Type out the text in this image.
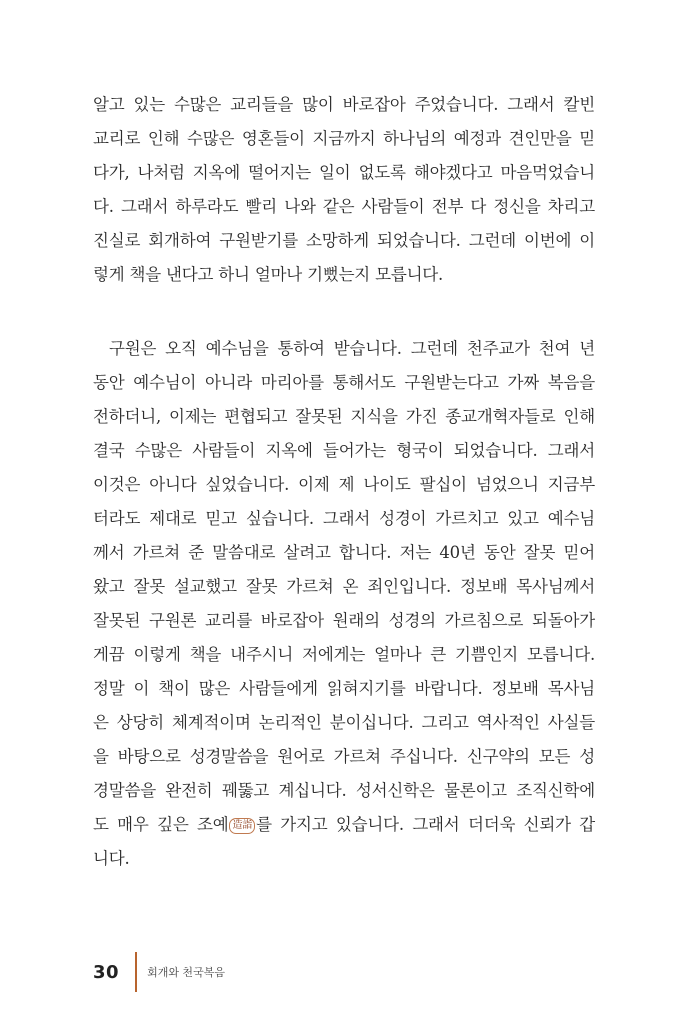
알고 있는 수많은 교리들을 많이 바로잡아 주었습니다. 그래서 칼빈
교리로 인해 수많은 영혼들이 지금까지 하나님의 예정과 견인만을 믿
다가, 나처럼 지옥에 떨어지는 일이 없도록 해야겠다고 마음먹었습니
다. 그래서 하루라도 빨리 나와 같은 사람들이 전부 다 정신을 차리고
진실로 회개하여 구원받기를 소망하게 되었습니다. 그런데 이번에 이
렇게 책을 낸다고 하니 얼마나 기뻤는지 모릅니다.
구원은 오직 예수님을 통하여 받습니다. 그런데 천주교가 천여 년
동안 예수님이 아니라 마리아를 통해서도 구원받는다고 가짜 복음을
전하더니, 이제는 편협되고 잘못된 지식을 가진 종교개혁자들로 인해
결국 수많은 사람들이 지옥에 들어가는 형국이 되었습니다. 그래서
이것은 아니다 싶었습니다. 이제 제 나이도 팔십이 넘었으니 지금부
터라도 제대로 믿고 싶습니다. 그래서 성경이 가르치고 있고 예수님
께서 가르쳐 준 말씀대로 살려고 합니다. 저는 40년 동안 잘못 믿어
왔고 잘못 설교했고 잘못 가르쳐 온 죄인입니다. 정보배 목사님께서
잘못된 구원론 교리를 바로잡아 원래의 성경의 가르침으로 되돌아가
게끔 이렇게 책을 내주시니 저에게는 얼마나 큰 기쁨인지 모릅니다.
정말 이 책이 많은 사람들에게 읽혀지기를 바랍니다. 정보배 목사님
은 상당히 체계적이며 논리적인 분이십니다. 그리고 역사적인 사실들
을 바탕으로 성경말씀을 원어로 가르쳐 주십니다. 신구약의 모든 성
경말씀을 완전히 꿰뚫고 계십니다. 성서신학은 물론이고 조직신학에
도 매우 깊은 조예 造詣 를 가지고 있습니다. 그래서 더더욱 신뢰가 갑
니다.
30	회개와 천국복음
